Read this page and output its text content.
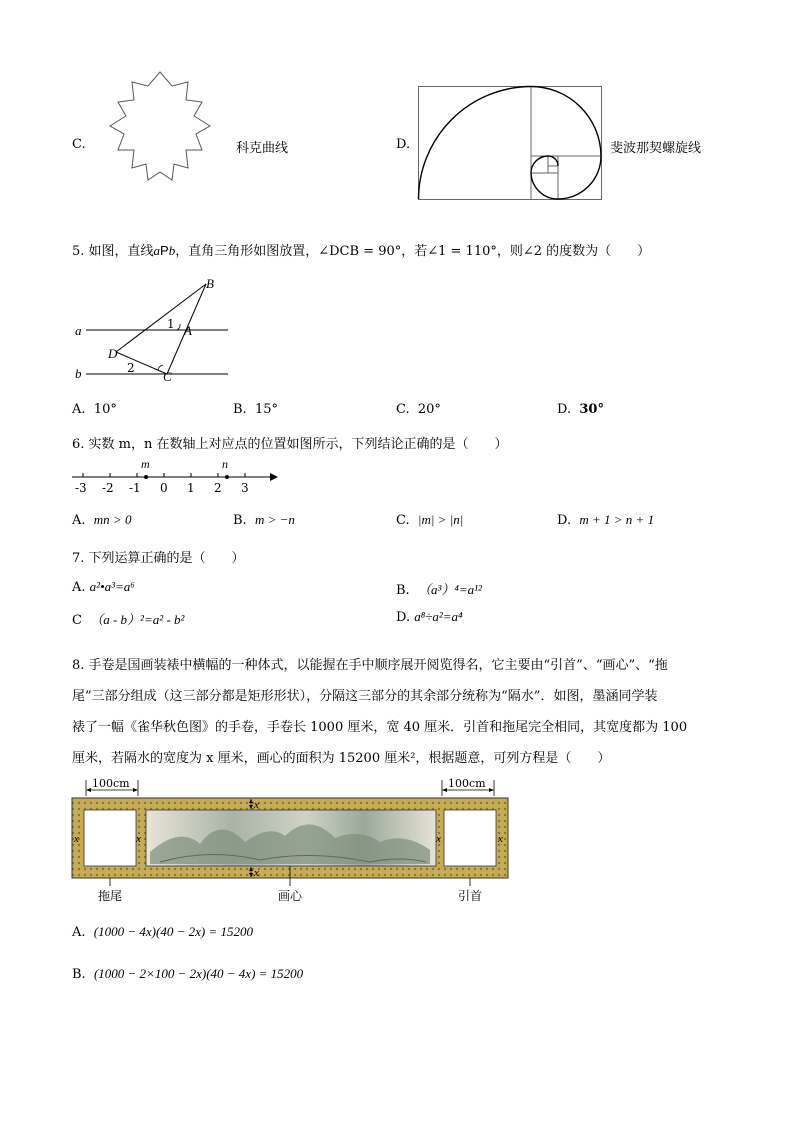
C.	科克曲线	D.	斐波那契螺旋线
5. 如图，直线aPb，直角三角形如图放置，∠DCB = 90°，若∠1 = 110°，则∠2 的度数为（　　）
B
A
a
D
b	C
1
2
A. 10°	B. 15°	C. 20°	D. 30°
6. 实数 m，n 在数轴上对应点的位置如图所示，下列结论正确的是（　　）
m	n
-3 -2 -1 0 1 2 3
A. mn > 0	B. m > −n	C. |m| > |n|	D. m + 1 > n + 1
7. 下列运算正确的是（　　）
A. a²•a³=a⁶	B. （a³）⁴=a¹²
C （a - b）²=a² - b²	D. a⁸÷a²=a⁴
8. 手卷是国画装裱中横幅的一种体式，以能握在手中顺序展开阅览得名，它主要由“引首”、“画心”、“拖
尾”三部分组成（这三部分都是矩形形状），分隔这三部分的其余部分统称为“隔水”．如图，墨涵同学装
裱了一幅《雀华秋色图》的手卷，手卷长 1000 厘米，宽 40 厘米．引首和拖尾完全相同，其宽度都为 100
厘米，若隔水的宽度为 x 厘米，画心的面积为 15200 厘米²，根据题意，可列方程是（　　）
100cm	100cm
x
x
x	x	x	x
拖尾	画心	引首
A. (1000 − 4x)(40 − 2x) = 15200
B. (1000 − 2×100 − 2x)(40 − 4x) = 15200
